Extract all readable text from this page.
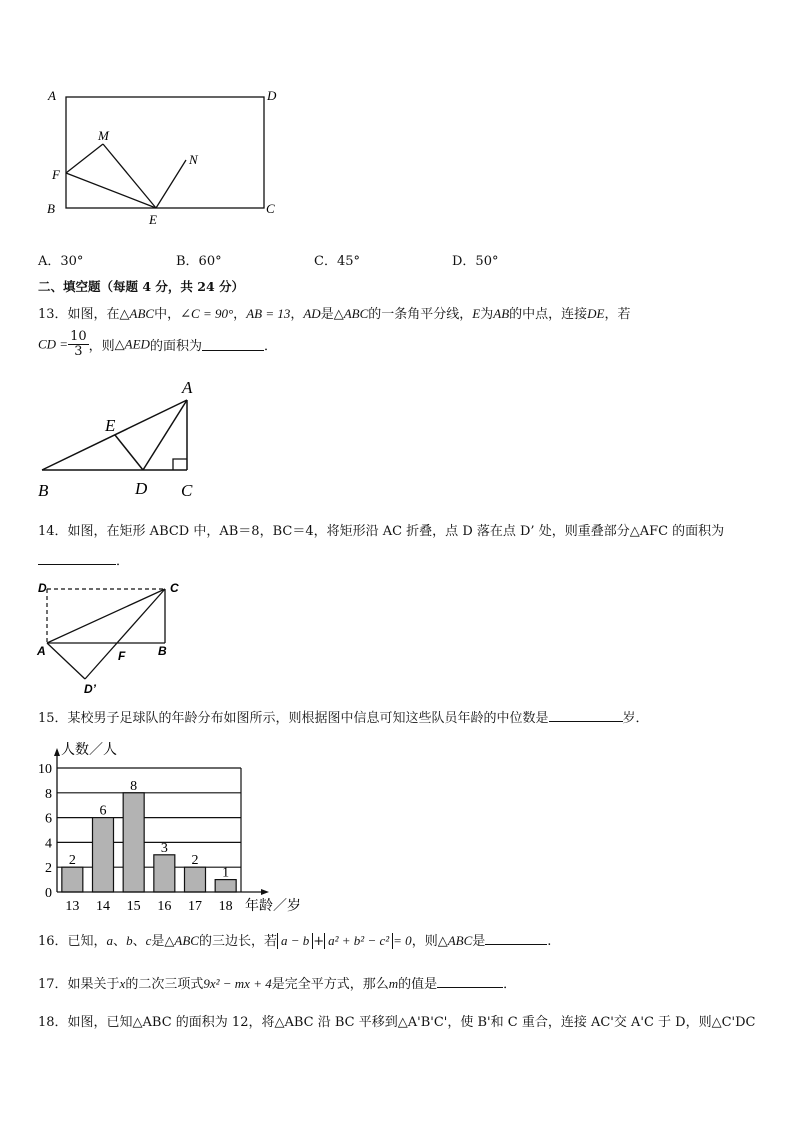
A	D
M
F
N
B
E
C
A．30°	B．60°	C．45°	D．50°
二、填空题（每题 4 分，共 24 分）
13．如图，在△ABC中，∠C = 90°，AB = 13，AD是△ABC的一条角平分线，E为AB的中点，连接DE，若
CD = $\frac{10}{3}$ ，则△AED的面积为	．
A
E
B	D C
14．如图，在矩形 ABCD 中，AB＝8，BC＝4，将矩形沿 AC 折叠，点 D 落在点 D’ 处，则重叠部分△AFC 的面积为
．
D	C
A	F	B
D’
15．某校男子足球队的年龄分布如图所示，则根据图中信息可知这些队员年龄的中位数是	岁．
0
2
4
6
8
10
2
13
6
14
8
15
3
16
2
17
1
18
人数／人
年龄／岁
16．已知，a、b、c是△ABC的三边长，若 a − b + a² + b² − c² = 0，则△ABC是	.
17．如果关于x的二次三项式9x² − mx + 4是完全平方式，那么m的值是	．
18．如图，已知△ABC 的面积为 12，将△ABC 沿 BC 平移到△A'B'C'，使 B'和 C 重合，连接 AC'交 A'C 于 D，则△C'DC
